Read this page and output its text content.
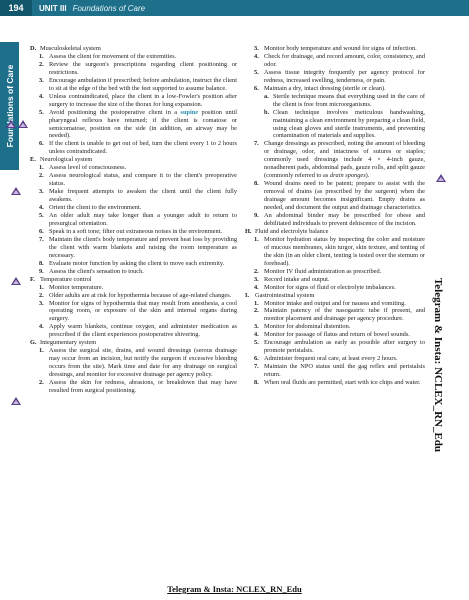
194	UNIT III Foundations of Care
Foundations of Care
D. Musculoskeletal system
1. Assess the client for movement of the extremities.
2. Review the surgeon's prescriptions regarding client positioning or restrictions.
3. Encourage ambulation if prescribed; before ambulation, instruct the client to sit at the edge of the bed with the feet supported to assume balance.
4. Unless contraindicated, place the client in a low-Fowler's position after surgery to increase the size of the thorax for lung expansion.
5. Avoid positioning the postoperative client in a supine position until pharyngeal reflexes have returned; if the client is comatose or semicomatose, position on the side (in addition, an airway may be needed).
6. If the client is unable to get out of bed, turn the client every 1 to 2 hours unless contraindicated.
E. Neurological system
1. Assess level of consciousness.
2. Assess neurological status, and compare it to the client's preoperative status.
3. Make frequent attempts to awaken the client until the client fully awakens.
4. Orient the client to the environment.
5. An older adult may take longer than a younger adult to return to presurgical orientation.
6. Speak in a soft tone; filter out extraneous noises in the environment.
7. Maintain the client's body temperature and prevent heat loss by providing the client with warm blankets and raising the room temperature as necessary.
8. Evaluate motor function by asking the client to move each extremity.
9. Assess the client's sensation to touch.
F. Temperature control
1. Monitor temperature.
2. Older adults are at risk for hypothermia because of age-related changes.
3. Monitor for signs of hypothermia that may result from anesthesia, a cool operating room, or exposure of the skin and internal organs during surgery.
4. Apply warm blankets, continue oxygen, and administer medication as prescribed if the client experiences postoperative shivering.
G. Integumentary system
1. Assess the surgical site, drains, and wound dressings (serous drainage may occur from an incision, but notify the surgeon if excessive bleeding occurs from the site). Mark time and date for any drainage on surgical dressings, and monitor for excessive drainage per agency policy.
2. Assess the skin for redness, abrasions, or breakdown that may have resulted from surgical positioning.
3. Monitor body temperature and wound for signs of infection.
4. Check for drainage, and record amount, color, consistency, and odor.
5. Assess tissue integrity frequently per agency protocol for redness, increased swelling, tenderness, or pain.
6. Maintain a dry, intact dressing (sterile or clean).
a. Sterile technique means that everything used in the care of the client is free from microorganisms.
b. Clean technique involves meticulous handwashing, maintaining a clean environment by preparing a clean field, using clean gloves and sterile instruments, and preventing contamination of materials and supplies.
7. Change dressings as prescribed, noting the amount of bleeding or drainage, odor, and intactness of sutures or staples; commonly used dressings include 4 × 4-inch gauze, nonadherent pads, abdominal pads, gauze rolls, and split gauze (commonly referred to as drain sponges).
8. Wound drains need to be patent; prepare to assist with the removal of drains (as prescribed by the surgeon) when the drainage amount becomes insignificant. Empty drains as needed, and document the output and drainage characteristics.
9. An abdominal binder may be prescribed for obese and debilitated individuals to prevent dehiscence of the incision.
H. Fluid and electrolyte balance
1. Monitor hydration status by inspecting the color and moisture of mucous membranes, skin turgor, skin texture, and tenting of the skin (in an older client, tenting is tested over the sternum or forehead).
2. Monitor IV fluid administration as prescribed.
3. Record intake and output.
4. Monitor for signs of fluid or electrolyte imbalances.
I. Gastrointestinal system
1. Monitor intake and output and for nausea and vomiting.
2. Maintain patency of the nasogastric tube if present, and monitor placement and drainage per agency procedure.
3. Monitor for abdominal distention.
4. Monitor for passage of flatus and return of bowel sounds.
5. Encourage ambulation as early as possible after surgery to promote peristalsis.
6. Administer frequent oral care, at least every 2 hours.
7. Maintain the NPO status until the gag reflex and peristalsis return.
8. When oral fluids are permitted, start with ice chips and water.	Telegram & Insta: NCLEX_RN_Edu
Telegram & Insta: NCLEX_RN_Edu
